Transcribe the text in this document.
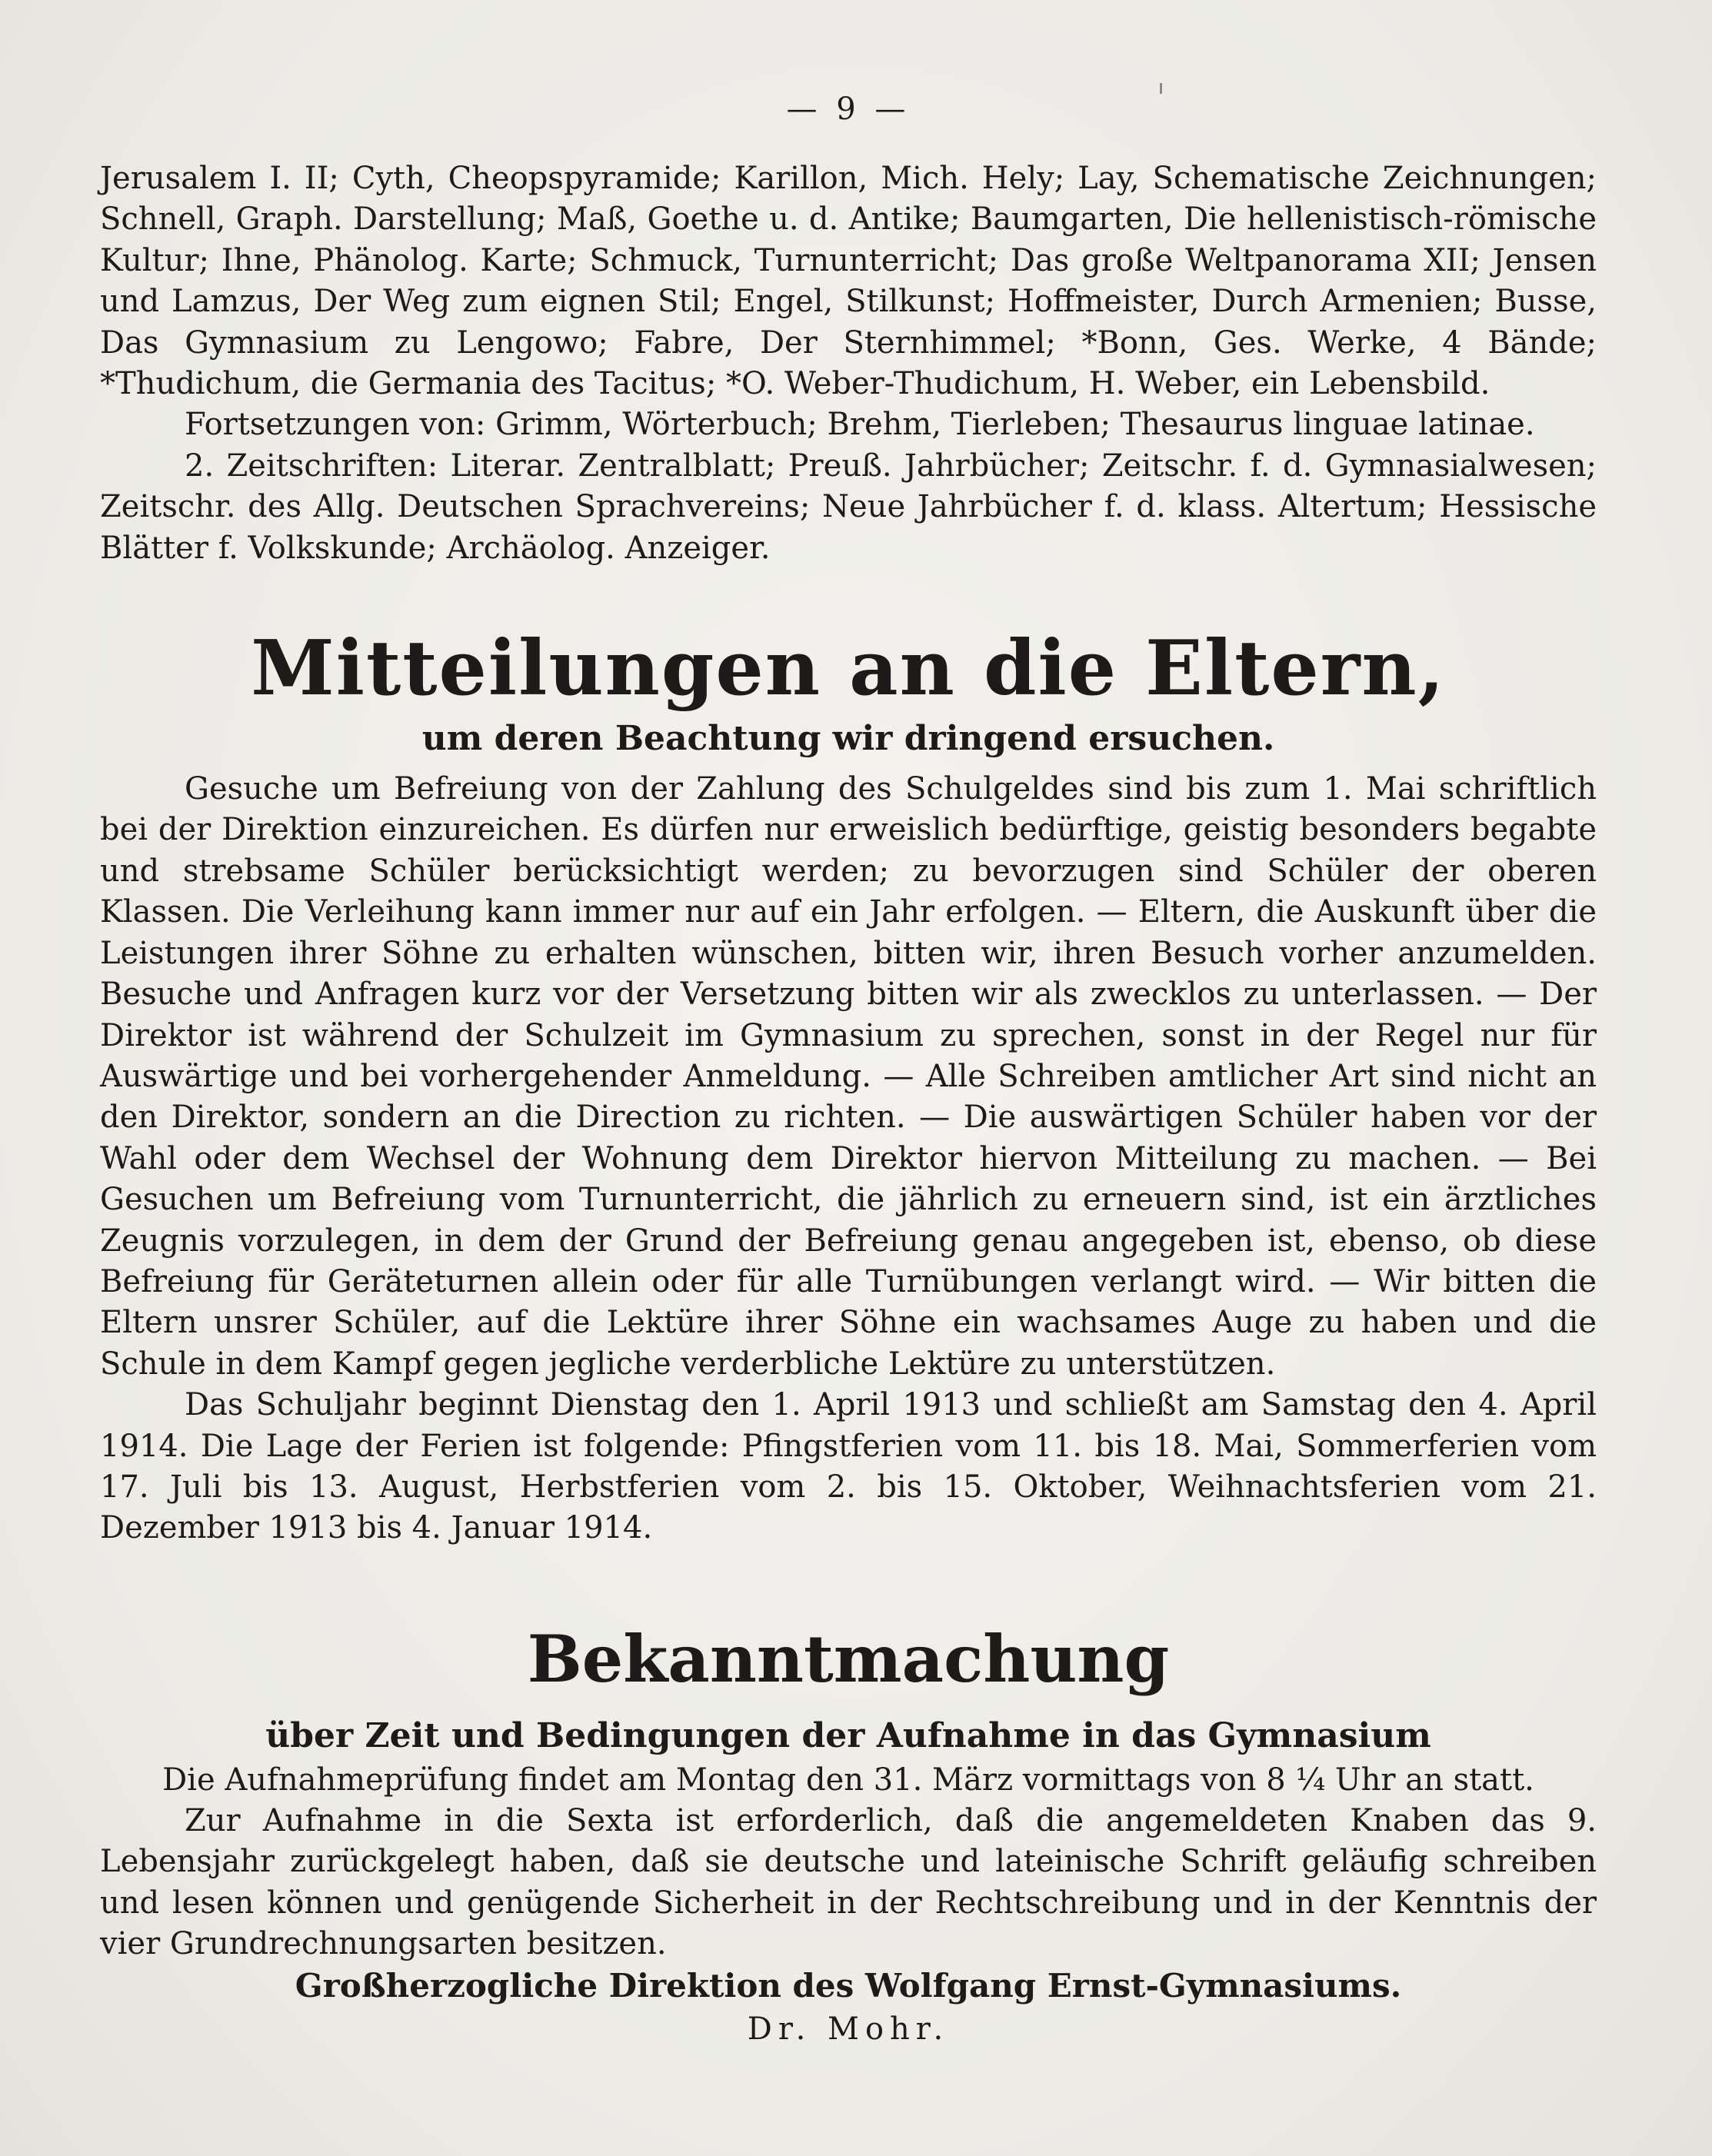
— 9 —

Jerusalem I. II; Cyth, Cheopspyramide; Karillon, Mich. Hely; Lay, Schematische Zeichnungen; Schnell, Graph. Darstellung; Maß, Goethe u. d. Antike; Baumgarten, Die hellenistisch-römische Kultur; Ihne, Phänolog. Karte; Schmuck, Turnunterricht; Das große Weltpanorama XII; Jensen und Lamzus, Der Weg zum eignen Stil; Engel, Stilkunst; Hoffmeister, Durch Armenien; Busse, Das Gymnasium zu Lengowo; Fabre, Der Sternhimmel; *Bonn, Ges. Werke, 4 Bände; *Thudichum, die Germania des Tacitus; *O. Weber-Thudichum, H. Weber, ein Lebensbild.

Fortsetzungen von: Grimm, Wörterbuch; Brehm, Tierleben; Thesaurus linguae latinae.

2. Zeitschriften: Literar. Zentralblatt; Preuß. Jahrbücher; Zeitschr. f. d. Gymnasialwesen; Zeitschr. des Allg. Deutschen Sprachvereins; Neue Jahrbücher f. d. klass. Altertum; Hessische Blätter f. Volkskunde; Archäolog. Anzeiger.

Mitteilungen an die Eltern,
um deren Beachtung wir dringend ersuchen.

Gesuche um Befreiung von der Zahlung des Schulgeldes sind bis zum 1. Mai schriftlich bei der Direktion einzureichen. Es dürfen nur erweislich bedürftige, geistig besonders begabte und strebsame Schüler berücksichtigt werden; zu bevorzugen sind Schüler der oberen Klassen. Die Verleihung kann immer nur auf ein Jahr erfolgen. — Eltern, die Auskunft über die Leistungen ihrer Söhne zu erhalten wünschen, bitten wir, ihren Besuch vorher anzumelden. Besuche und Anfragen kurz vor der Versetzung bitten wir als zwecklos zu unterlassen. — Der Direktor ist während der Schulzeit im Gymnasium zu sprechen, sonst in der Regel nur für Auswärtige und bei vorhergehender Anmeldung. — Alle Schreiben amtlicher Art sind nicht an den Direktor, sondern an die Direction zu richten. — Die auswärtigen Schüler haben vor der Wahl oder dem Wechsel der Wohnung dem Direktor hiervon Mitteilung zu machen. — Bei Gesuchen um Befreiung vom Turnunterricht, die jährlich zu erneuern sind, ist ein ärztliches Zeugnis vorzulegen, in dem der Grund der Befreiung genau angegeben ist, ebenso, ob diese Befreiung für Geräteturnen allein oder für alle Turnübungen verlangt wird. — Wir bitten die Eltern unsrer Schüler, auf die Lektüre ihrer Söhne ein wachsames Auge zu haben und die Schule in dem Kampf gegen jegliche verderbliche Lektüre zu unterstützen.

Das Schuljahr beginnt Dienstag den 1. April 1913 und schließt am Samstag den 4. April 1914. Die Lage der Ferien ist folgende: Pfingstferien vom 11. bis 18. Mai, Sommerferien vom 17. Juli bis 13. August, Herbstferien vom 2. bis 15. Oktober, Weihnachtsferien vom 21. Dezember 1913 bis 4. Januar 1914.

Bekanntmachung
über Zeit und Bedingungen der Aufnahme in das Gymnasium
Die Aufnahmeprüfung findet am Montag den 31. März vormittags von 8 ¼ Uhr an statt.

Zur Aufnahme in die Sexta ist erforderlich, daß die angemeldeten Knaben das 9. Lebensjahr zurückgelegt haben, daß sie deutsche und lateinische Schrift geläufig schreiben und lesen können und genügende Sicherheit in der Rechtschreibung und in der Kenntnis der vier Grundrechnungsarten besitzen.

Großherzogliche Direktion des Wolfgang Ernst-Gymnasiums.
Dr. Mohr.
